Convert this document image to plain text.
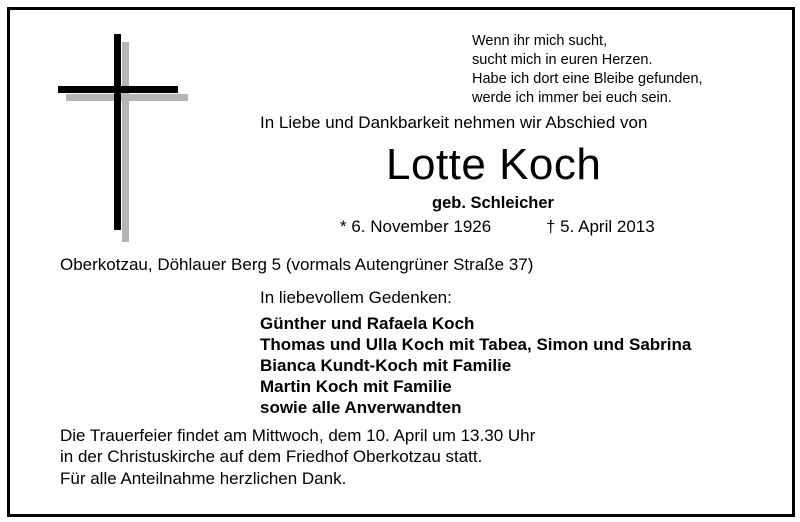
Wenn ihr mich sucht,
sucht mich in euren Herzen.
Habe ich dort eine Bleibe gefunden,
werde ich immer bei euch sein.
In Liebe und Dankbarkeit nehmen wir Abschied von
Lotte Koch
geb. Schleicher
* 6. November 1926	† 5. April 2013
Oberkotzau, Döhlauer Berg 5 (vormals Autengrüner Straße 37)
In liebevollem Gedenken:
Günther und Rafaela Koch
Thomas und Ulla Koch mit Tabea, Simon und Sabrina
Bianca Kundt-Koch mit Familie
Martin Koch mit Familie
sowie alle Anverwandten
Die Trauerfeier findet am Mittwoch, dem 10. April um 13.30 Uhr
in der Christuskirche auf dem Friedhof Oberkotzau statt.
Für alle Anteilnahme herzlichen Dank.
